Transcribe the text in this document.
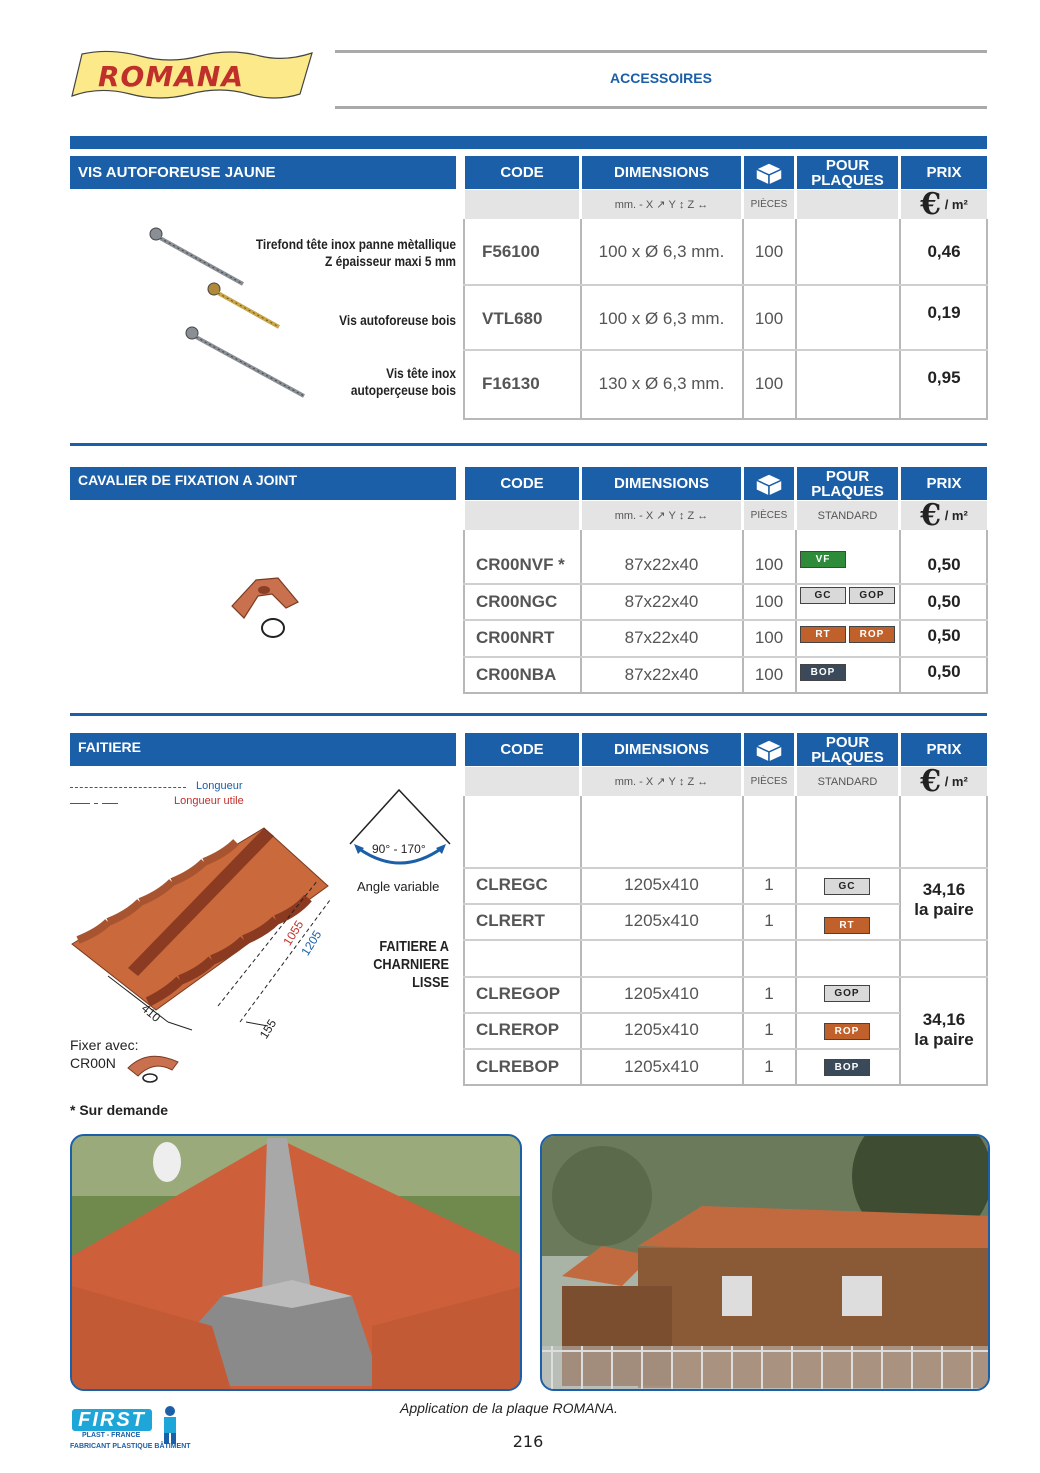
ROMANA	ACCESSOIRES
VIS AUTOFOREUSE JAUNE	CODE	DIMENSIONS	POUR
PLAQUES	PRIX
mm. - X ↗ Y ↕ Z ↔	PIÈCES	€
/ m²
Tirefond tête inox panne mètallique
Z épaisseur maxi 5 mm
Vis autoforeuse bois
Vis tête inox
autoperçeuse bois
F56100	100 x Ø 6,3 mm.	100	0,46
VTL680	100 x Ø 6,3 mm.	100	0,19
F16130	130 x Ø 6,3 mm.	100	0,95
CAVALIER DE FIXATION A JOINT	CODE	DIMENSIONS	POUR
PLAQUES	PRIX
mm. - X ↗ Y ↕ Z ↔	PIÈCES	STANDARD	€
/ m²
CR00NVF *	87x22x40	100	VF	0,50
CR00NGC	87x22x40	100	GC	GOP	0,50
CR00NRT	87x22x40	100	RT	ROP	0,50
CR00NBA	87x22x40	100	BOP	0,50
FAITIERE	CODE	DIMENSIONS	POUR
PLAQUES	PRIX
mm. - X ↗ Y ↕ Z ↔	PIÈCES	STANDARD	€
/ m²
Longueur
Longueur utile
90° - 170°
Angle variable
FAITIERE A
CHARNIERE
LISSE
1055
1205
410
155
Fixer avec:
CR00N
CLREGC	1205x410	1	GC
CLRERT	1205x410	1	RT
34,16
la paire
CLREGOP	1205x410	1	GOP
CLREROP	1205x410	1	ROP
CLREBOP	1205x410	1	BOP
34,16
la paire
* Sur demande
Application de la plaque ROMANA.
216
FIRST
PLAST - FRANCE
FABRICANT PLASTIQUE BÂTIMENT
